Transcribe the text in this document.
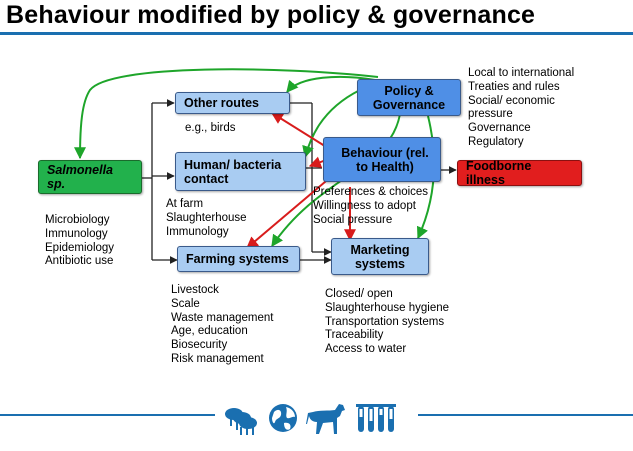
Behaviour modified by policy & governance
Other routes
Human/ bacteria contact
Policy & Governance
Behaviour (rel. to Health)
Salmonella sp.
Foodborne illness
Farming systems
Marketing systems
Local to international
Treaties and rules
Social/ economic
pressure
Governance
Regulatory
e.g., birds
Microbiology
Immunology
Epidemiology
Antibiotic use
At farm
Slaughterhouse
Immunology
Preferences & choices
Willingness to adopt
Social pressure
Livestock
Scale
Waste management
Age, education
Biosecurity
Risk management
Closed/ open
Slaughterhouse hygiene
Transportation systems
Traceability
Access to water
